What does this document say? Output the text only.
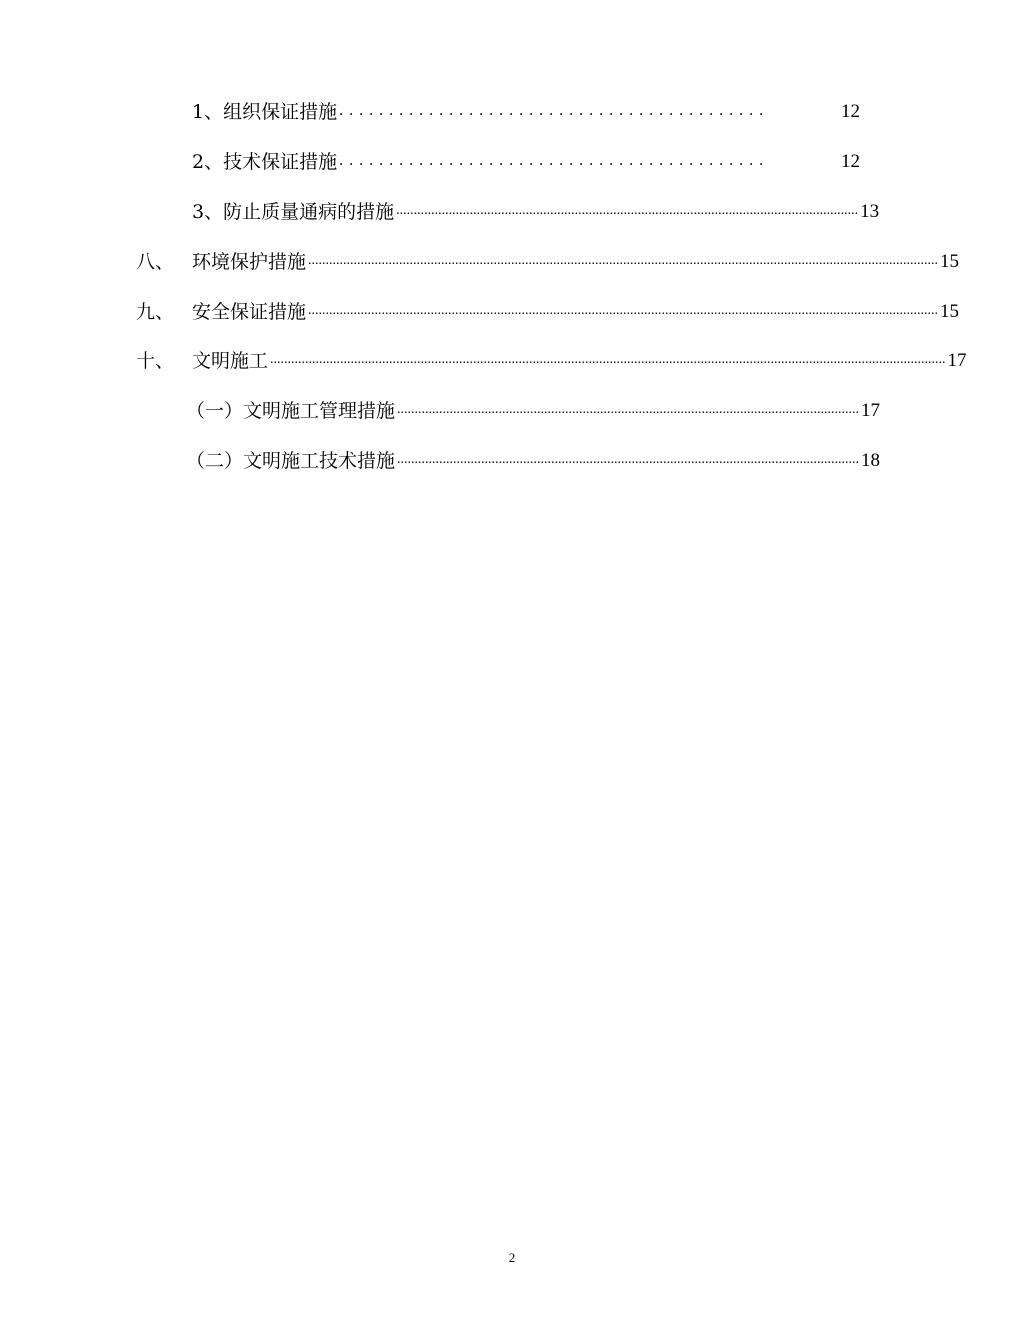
1、组织保证措施 ...........................................	12
2、技术保证措施 ...........................................	12
3、防止质量通病的措施 .................................................................................................................................... 13
八、 环境保护措施 .................................................................................................................................................................................... 15
九、 安全保证措施 .................................................................................................................................................................................... 15
十、 文明施工 ................................................................................................................................................................................................. 17
（一）文明施工管理措施 .................................................................................................................................... 17
（二）文明施工技术措施 .................................................................................................................................... 18
2
